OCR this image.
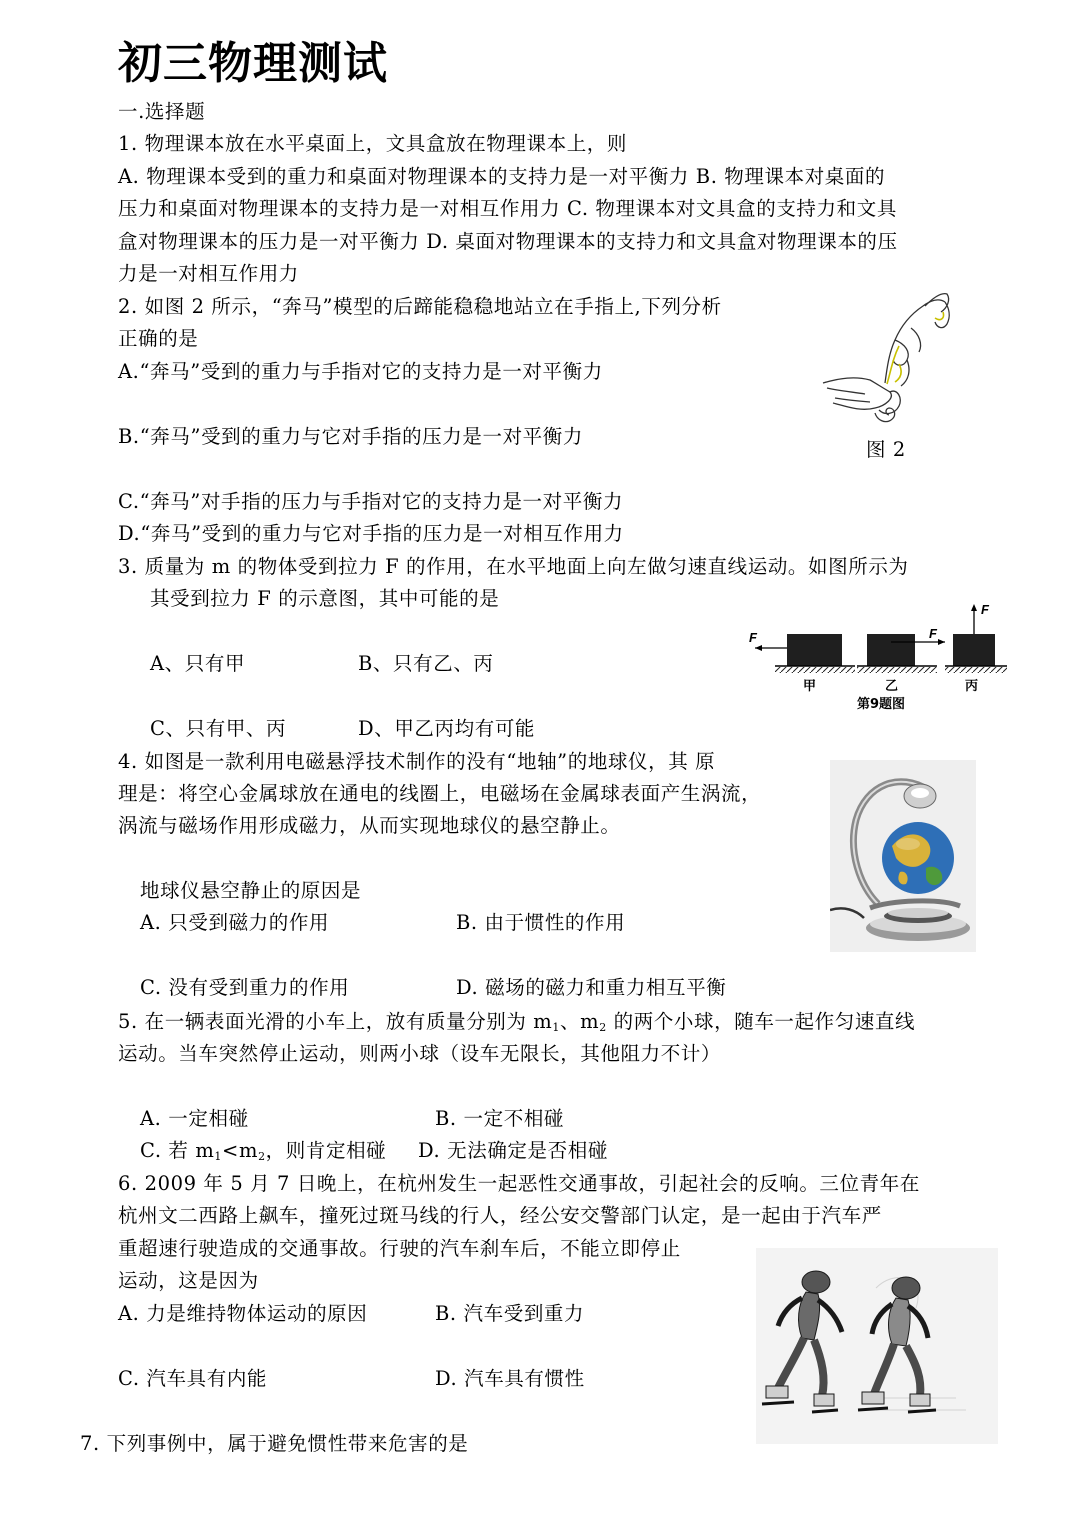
初三物理测试
一.选择题
1. 物理课本放在水平桌面上，文具盒放在物理课本上，则
A. 物理课本受到的重力和桌面对物理课本的支持力是一对平衡力 B. 物理课本对桌面的
压力和桌面对物理课本的支持力是一对相互作用力 C. 物理课本对文具盒的支持力和文具
盒对物理课本的压力是一对平衡力 D. 桌面对物理课本的支持力和文具盒对物理课本的压
力是一对相互作用力
2. 如图 2 所示，“奔马”模型的后蹄能稳稳地站立在手指上,下列分析
正确的是
A.“奔马”受到的重力与手指对它的支持力是一对平衡力
B.“奔马”受到的重力与它对手指的压力是一对平衡力
C.“奔马”对手指的压力与手指对它的支持力是一对平衡力
D.“奔马”受到的重力与它对手指的压力是一对相互作用力
图 2
3. 质量为 m 的物体受到拉力 F 的作用，在水平地面上向左做匀速直线运动。如图所示为
其受到拉力 F 的示意图，其中可能的是
A、只有甲	B、只有乙、丙
C、只有甲、丙	D、甲乙丙均有可能
F
甲
F
乙
F
丙
第9题图
4. 如图是一款利用电磁悬浮技术制作的没有“地轴”的地球仪，其 原
理是：将空心金属球放在通电的线圈上，电磁场在金属球表面产生涡流，
涡流与磁场作用形成磁力，从而实现地球仪的悬空静止。
地球仪悬空静止的原因是
A. 只受到磁力的作用	B. 由于惯性的作用
C. 没有受到重力的作用	D. 磁场的磁力和重力相互平衡
5. 在一辆表面光滑的小车上，放有质量分别为 $m_1$、$m_2$ 的两个小球，随车一起作匀速直线
运动。当车突然停止运动，则两小球（设车无限长，其他阻力不计）
A. 一定相碰	B. 一定不相碰
C. 若 $m_1<m_2$，则肯定相碰 D. 无法确定是否相碰
6. 2009 年 5 月 7 日晚上，在杭州发生一起恶性交通事故，引起社会的反响。三位青年在
杭州文二西路上飙车，撞死过斑马线的行人，经公安交警部门认定，是一起由于汽车严
重超速行驶造成的交通事故。行驶的汽车刹车后，不能立即停止
运动，这是因为
A. 力是维持物体运动的原因	B. 汽车受到重力
C. 汽车具有内能	D. 汽车具有惯性
7. 下列事例中，属于避免惯性带来危害的是
